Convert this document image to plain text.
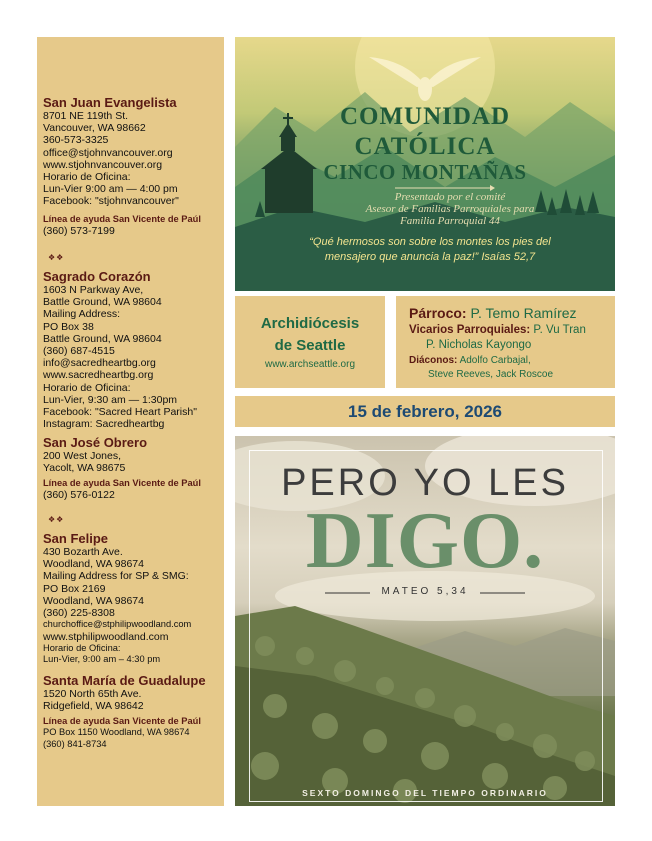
San Juan Evangelista
8701 NE 119th St.
Vancouver, WA 98662
360-573-3325
office@stjohnvancouver.org
www.stjohnvancouver.org
Horario de Oficina:
Lun-Vier 9:00 am — 4:00 pm
Facebook: "stjohnvancouver"
Línea de ayuda San Vicente de Paúl
(360) 573-7199
❖❖
Sagrado Corazón
1603 N Parkway Ave,
Battle Ground, WA 98604
Mailing Address:
PO Box 38
Battle Ground, WA 98604
(360) 687-4515
info@sacredheartbg.org
www.sacredheartbg.org
Horario de Oficina:
Lun-Vier, 9:30 am — 1:30pm
Facebook: "Sacred Heart Parish"
Instagram: Sacredheartbg
San José Obrero
200 West Jones,
Yacolt, WA 98675
Línea de ayuda San Vicente de Paúl
(360) 576-0122
❖❖
San Felipe
430 Bozarth Ave.
Woodland, WA 98674
Mailing Address for SP & SMG:
PO Box 2169
Woodland, WA 98674
(360) 225-8308
churchoffice@stphilipwoodland.com
www.stphilipwoodland.com
Horario de Oficina:
Lun-Vier, 9:00 am – 4:30 pm
Santa María de Guadalupe
1520 North 65th Ave.
Ridgefield, WA 98642
Línea de ayuda San Vicente de Paúl
PO Box 1150 Woodland, WA 98674
(360) 841-8734
COMUNIDAD
CATÓLICA
CINCO MONTAÑAS
Presentado por el comité
Asesor de Familias Parroquiales para
Familia Parroquial 44
“Qué hermosos son sobre los montes los pies del
mensajero que anuncia la paz!” Isaías 52,7
Archidiócesis
de Seattle
www.archseattle.org
Párroco: P. Temo Ramírez
Vicarios Parroquiales: P. Vu Tran
P. Nicholas Kayongo
Diáconos: Adolfo Carbajal,
Steve Reeves, Jack Roscoe
15 de febrero, 2026
PERO YO LES
DIGO.
MATEO 5,34
SEXTO DOMINGO DEL TIEMPO ORDINARIO
